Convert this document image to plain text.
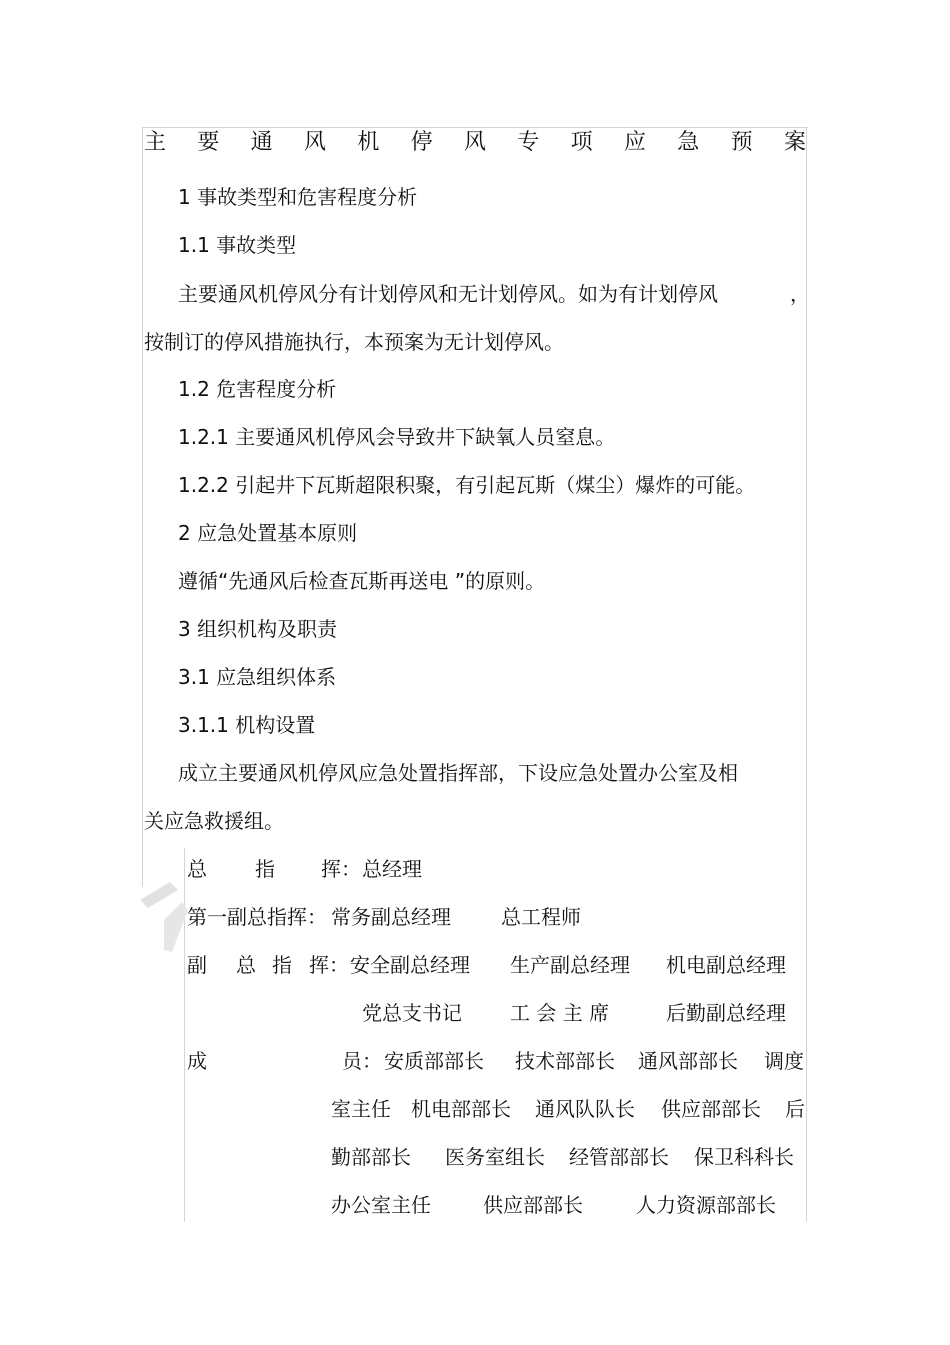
主 要 通 风 机 停 风 专 项 应 急 预 案
1 事故类型和危害程度分析
1.1 事故类型
主要通风机停风分有计划停风和无计划停风。如为有计划停风	，
按制订的停风措施执行，本预案为无计划停风。
1.2 危害程度分析
1.2.1 主要通风机停风会导致井下缺氧人员窒息。
1.2.2 引起井下瓦斯超限积聚，有引起瓦斯（煤尘）爆炸的可能。
2 应急处置基本原则
遵循“先通风后检查瓦斯再送电 ”的原则。
3 组织机构及职责
3.1 应急组织体系
3.1.1 机构设置
成立主要通风机停风应急处置指挥部，下设应急处置办公室及相
关应急救援组。
总 指 挥： 总经理
第一副总指挥： 常务副总经理	总工程师
副 总 指 挥： 安全副总经理 生产副总经理 机电副总经理
党总支书记 工 会 主 席	后勤副总经理
成	员： 安质部部长 技术部部长 通风部部长 调度
室主任 机电部部长 通风队队长 供应部部长 后
勤部部长 医务室组长 经管部部长 保卫科科长
办公室主任	供应部部长	人力资源部部长
